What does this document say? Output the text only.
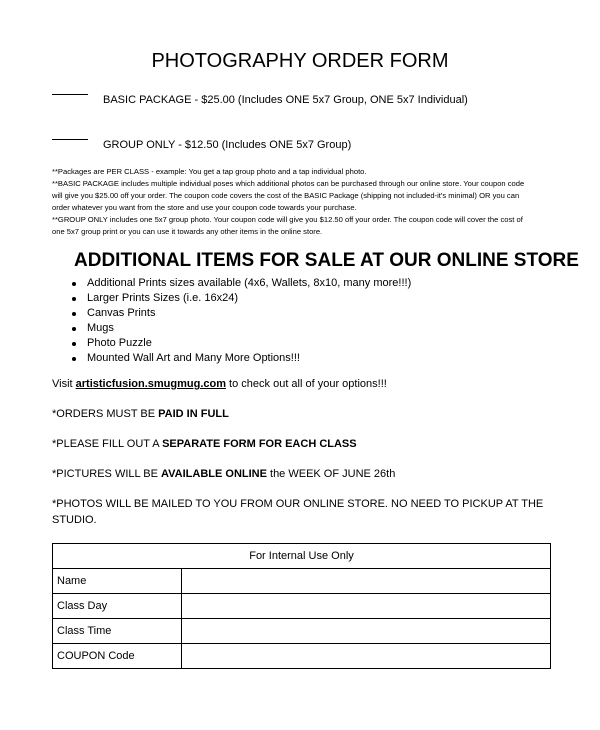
PHOTOGRAPHY ORDER FORM
BASIC PACKAGE - $25.00 (Includes ONE 5x7 Group, ONE 5x7 Individual)
GROUP ONLY - $12.50 (Includes ONE 5x7 Group)
**Packages are PER CLASS - example: You get a tap group photo and a tap individual photo.
**BASIC PACKAGE includes multiple individual poses which additional photos can be purchased through our online store. Your coupon code
will give you $25.00 off your order. The coupon code covers the cost of the BASIC Package (shipping not included-it's minimal) OR you can
order whatever you want from the store and use your coupon code towards your purchase.
**GROUP ONLY includes one 5x7 group photo. Your coupon code will give you $12.50 off your order. The coupon code will cover the cost of
one 5x7 group print or you can use it towards any other items in the online store.
ADDITIONAL ITEMS FOR SALE AT OUR ONLINE STORE
Additional Prints sizes available (4x6, Wallets, 8x10, many more!!!)
Larger Prints Sizes (i.e. 16x24)
Canvas Prints
Mugs
Photo Puzzle
Mounted Wall Art and Many More Options!!!
Visit artisticfusion.smugmug.com to check out all of your options!!!
*ORDERS MUST BE PAID IN FULL
*PLEASE FILL OUT A SEPARATE FORM FOR EACH CLASS
*PICTURES WILL BE AVAILABLE ONLINE the WEEK OF JUNE 26th
*PHOTOS WILL BE MAILED TO YOU FROM OUR ONLINE STORE. NO NEED TO PICKUP AT THE
STUDIO.
For Internal Use Only	
Name	
Class Day	
Class Time	
COUPON Code	
